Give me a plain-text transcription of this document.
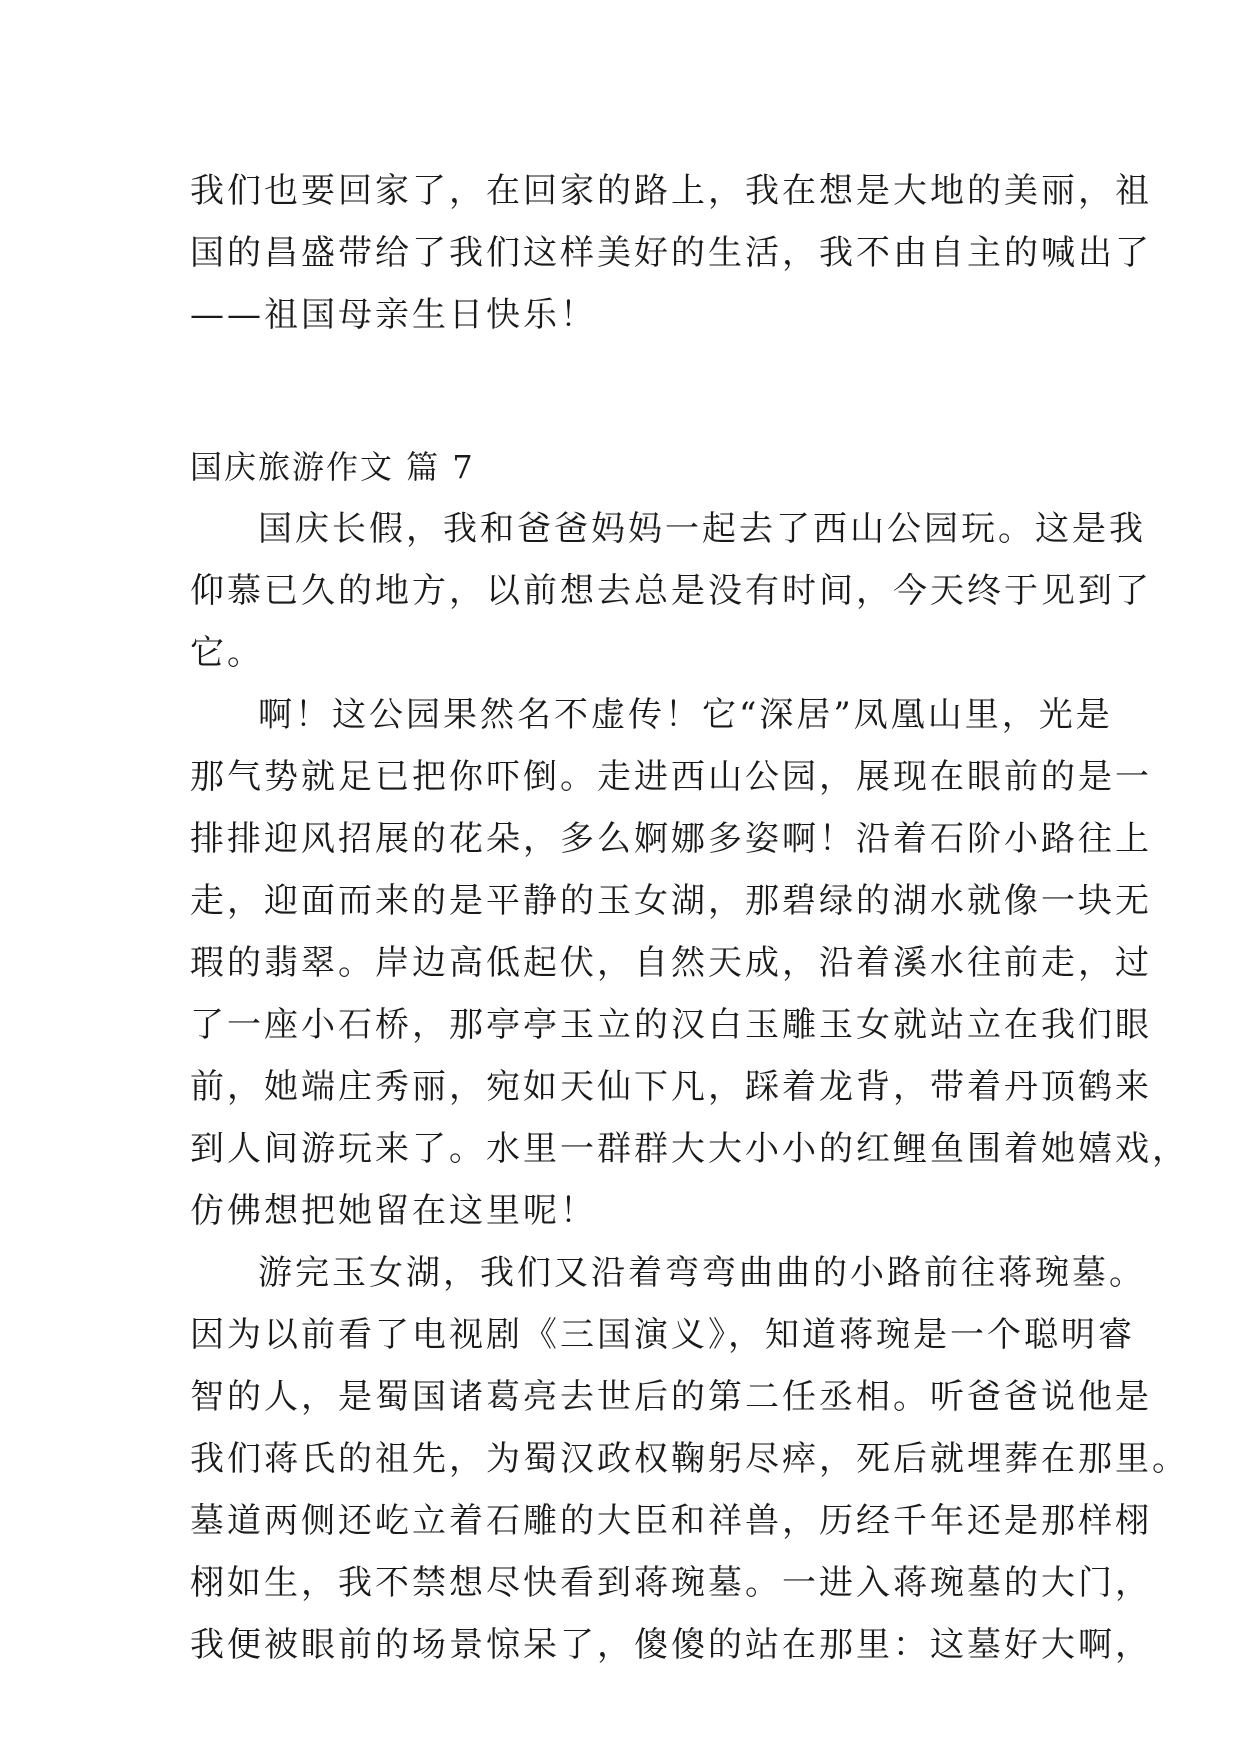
我们也要回家了，在回家的路上，我在想是大地的美丽，祖
国的昌盛带给了我们这样美好的生活，我不由自主的喊出了
——祖国母亲生日快乐！
国庆旅游作文 篇 7
国庆长假，我和爸爸妈妈一起去了西山公园玩。这是我
仰慕已久的地方，以前想去总是没有时间，今天终于见到了
它。
啊！这公园果然名不虚传！它“深居”凤凰山里，光是
那气势就足已把你吓倒。走进西山公园，展现在眼前的是一
排排迎风招展的花朵，多么婀娜多姿啊！沿着石阶小路往上
走，迎面而来的是平静的玉女湖，那碧绿的湖水就像一块无
瑕的翡翠。岸边高低起伏，自然天成，沿着溪水往前走，过
了一座小石桥，那亭亭玉立的汉白玉雕玉女就站立在我们眼
前，她端庄秀丽，宛如天仙下凡，踩着龙背，带着丹顶鹤来
到人间游玩来了。水里一群群大大小小的红鲤鱼围着她嬉戏，
仿佛想把她留在这里呢！
游完玉女湖，我们又沿着弯弯曲曲的小路前往蒋琬墓。
因为以前看了电视剧《三国演义》，知道蒋琬是一个聪明睿
智的人，是蜀国诸葛亮去世后的第二任丞相。听爸爸说他是
我们蒋氏的祖先，为蜀汉政权鞠躬尽瘁，死后就埋葬在那里。
墓道两侧还屹立着石雕的大臣和祥兽，历经千年还是那样栩
栩如生，我不禁想尽快看到蒋琬墓。一进入蒋琬墓的大门，
我便被眼前的场景惊呆了，傻傻的站在那里：这墓好大啊，
